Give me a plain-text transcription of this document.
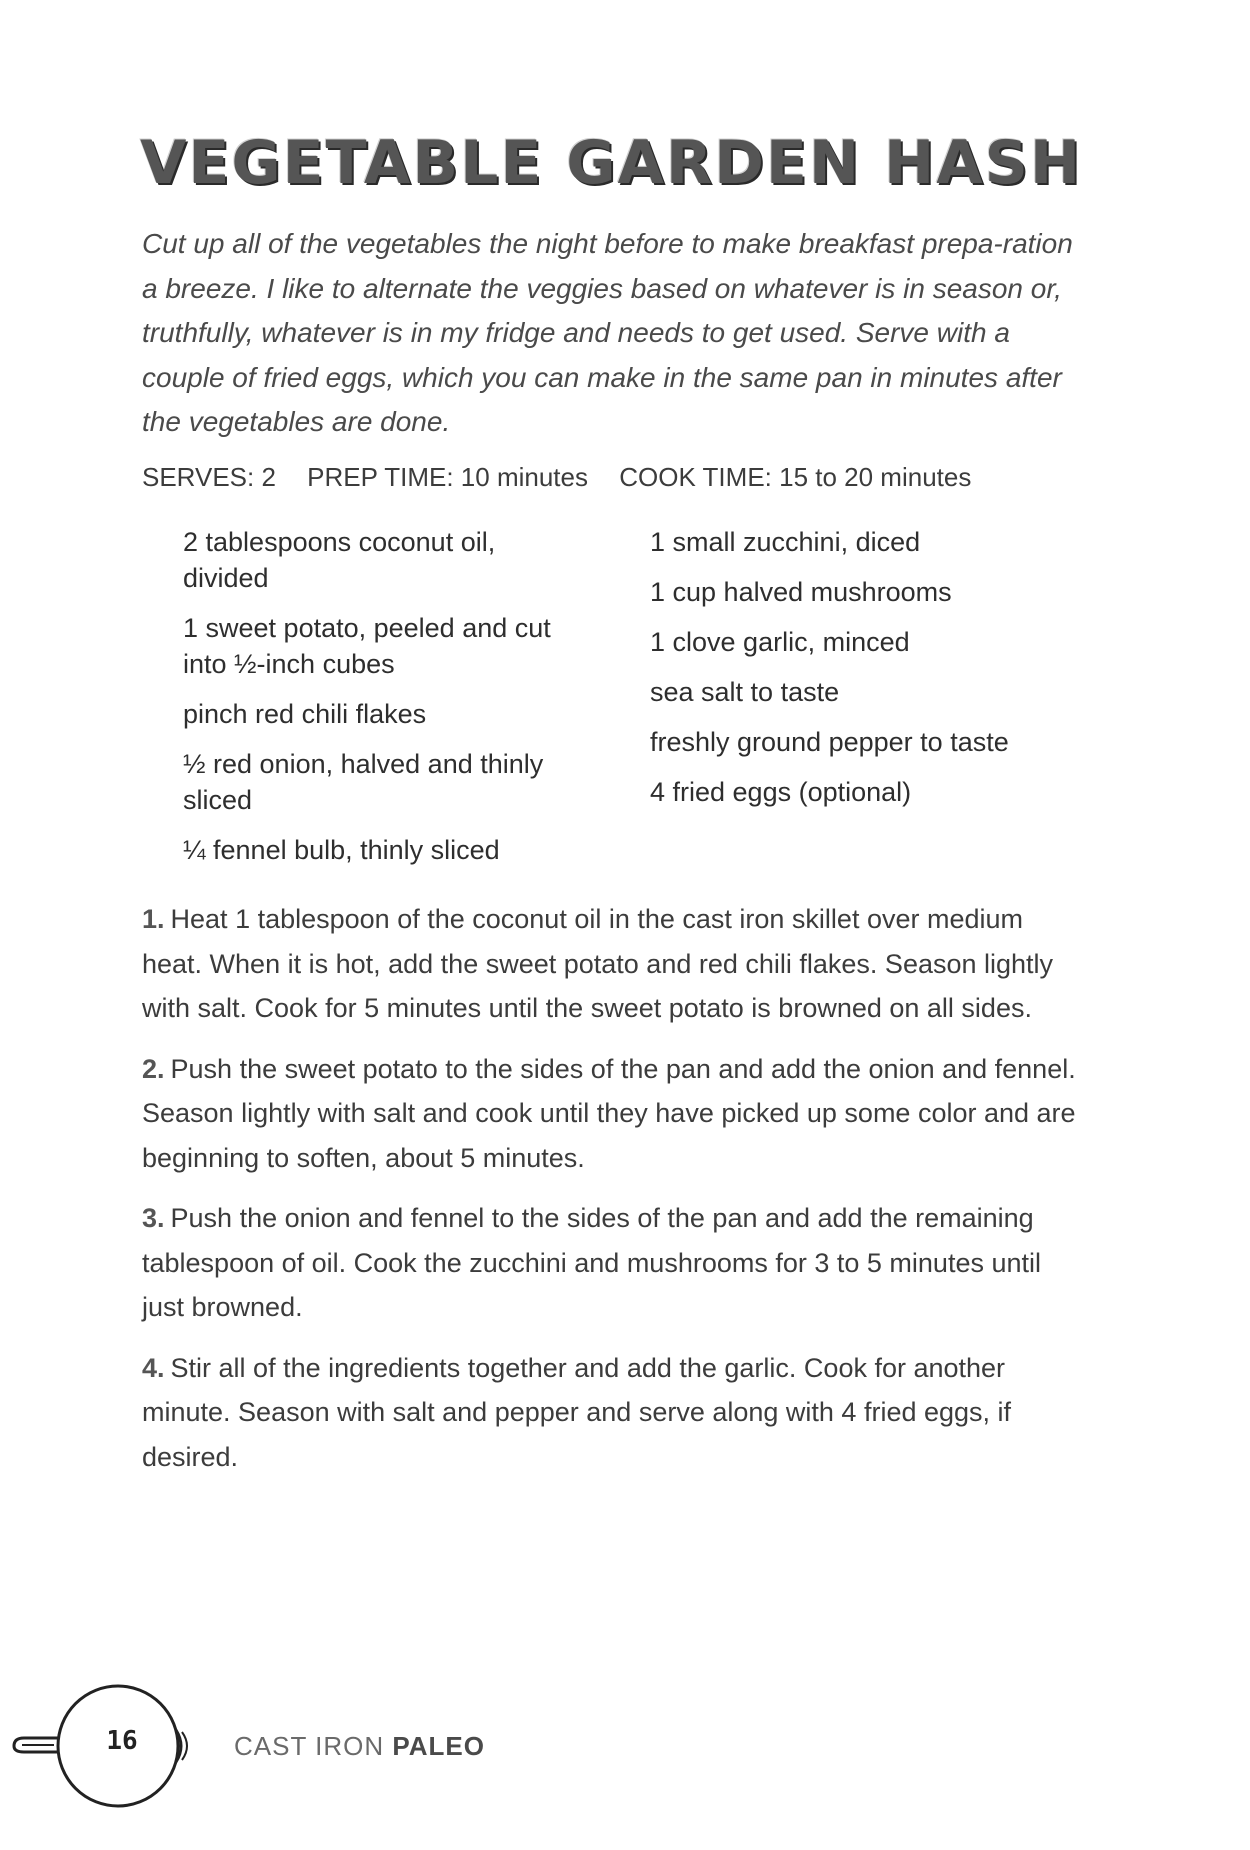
VEGETABLE GARDEN HASH

Cut up all of the vegetables the night before to make breakfast prepa-ration a breeze. I like to alternate the veggies based on whatever is in season or, truthfully, whatever is in my fridge and needs to get used. Serve with a couple of fried eggs, which you can make in the same pan in minutes after the vegetables are done.

SERVES: 2 PREP TIME: 10 minutes COOK TIME: 15 to 20 minutes
2 tablespoons coconut oil, divided
1 sweet potato, peeled and cut into ½-inch cubes
pinch red chili flakes
½ red onion, halved and thinly sliced
¼ fennel bulb, thinly sliced
1 small zucchini, diced
1 cup halved mushrooms
1 clove garlic, minced
sea salt to taste
freshly ground pepper to taste
4 fried eggs (optional)

1. Heat 1 tablespoon of the coconut oil in the cast iron skillet over medium heat. When it is hot, add the sweet potato and red chili flakes. Season lightly with salt. Cook for 5 minutes until the sweet potato is browned on all sides.

2. Push the sweet potato to the sides of the pan and add the onion and fennel. Season lightly with salt and cook until they have picked up some color and are beginning to soften, about 5 minutes.

3. Push the onion and fennel to the sides of the pan and add the remaining tablespoon of oil. Cook the zucchini and mushrooms for 3 to 5 minutes until just browned.

4. Stir all of the ingredients together and add the garlic. Cook for another minute. Season with salt and pepper and serve along with 4 fried eggs, if desired.

16	CAST IRON PALEO
